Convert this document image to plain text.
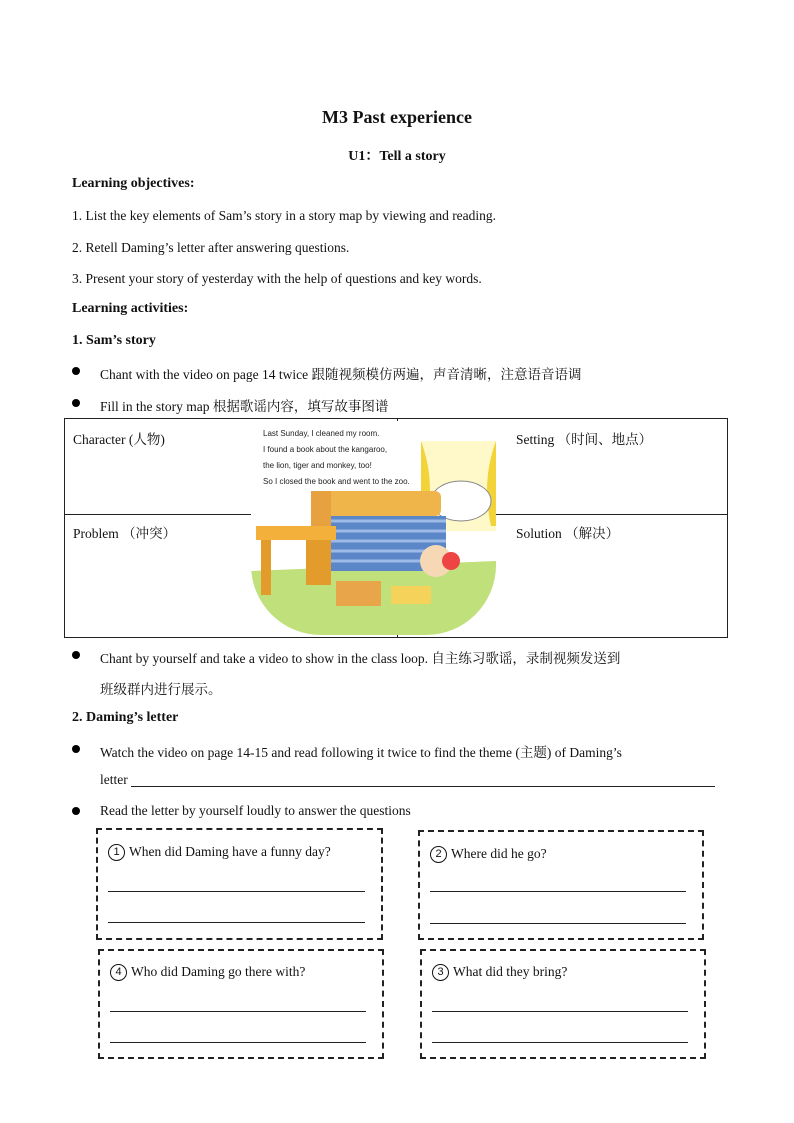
M3 Past experience
U1：Tell a story
Learning objectives:
1. List the key elements of Sam’s story in a story map by viewing and reading.
2. Retell Daming’s letter after answering questions.
3. Present your story of yesterday with the help of questions and key words.
Learning activities:
1. Sam’s story
Chant with the video on page 14 twice 跟随视频模仿两遍，声音清晰，注意语音语调
Fill in the story map 根据歌谣内容，填写故事图谱
Character (人物)	Setting （时间、地点）
Problem （冲突）	Solution （解决）
Last Sunday, I cleaned my room.
I found a book about the kangaroo,
the lion, tiger and monkey, too!
So I closed the book and went to the zoo.
Chant by yourself and take a video to show in the class loop. 自主练习歌谣，录制视频发送到
班级群内进行展示。
2. Daming’s letter
Watch the video on page 14-15 and read following it twice to find the theme (主题) of Daming’s
letter
Read the letter by yourself loudly to answer the questions
1 When did Daming have a funny day?	2 Where did he go?
4 Who did Daming go there with?	3 What did they bring?
